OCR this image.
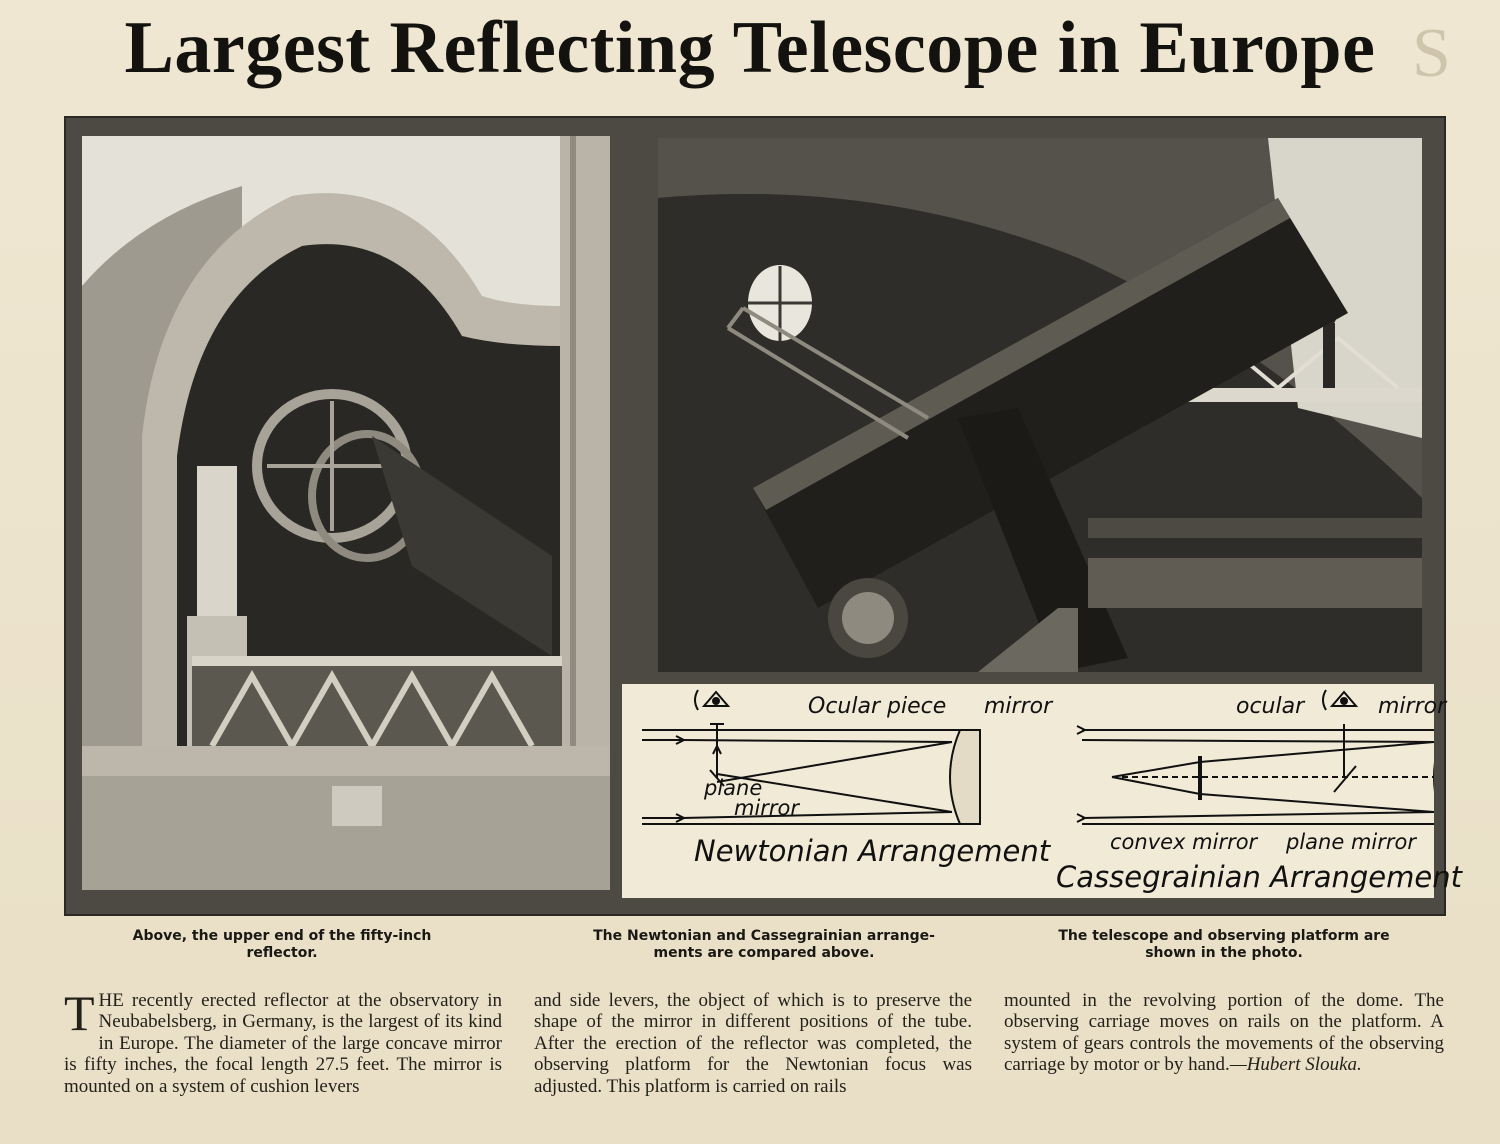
Largest Reflecting Telescope in Europe S
Ocular piece mirror
plane
mirror
Newtonian Arrangement
ocular	mirror
convex mirror plane mirror
Cassegrainian Arrangement
Above, the upper end of the fifty-inch
reflector.
The Newtonian and Cassegrainian arrange-
ments are compared above.
The telescope and observing platform are
shown in the photo.
THE recently erected reflector at the observatory in Neubabelsberg, in Germany, is the largest of its kind in Europe. The diameter of the large concave mirror is fifty inches, the focal length 27.5 feet. The mirror is mounted on a system of cushion levers
and side levers, the object of which is to preserve the shape of the mirror in different positions of the tube. After the erection of the reflector was completed, the observing platform for the Newtonian focus was adjusted. This platform is carried on rails
mounted in the revolving portion of the dome. The observing carriage moves on rails on the platform. A system of gears controls the movements of the observing carriage by motor or by hand.—Hubert Slouka.
